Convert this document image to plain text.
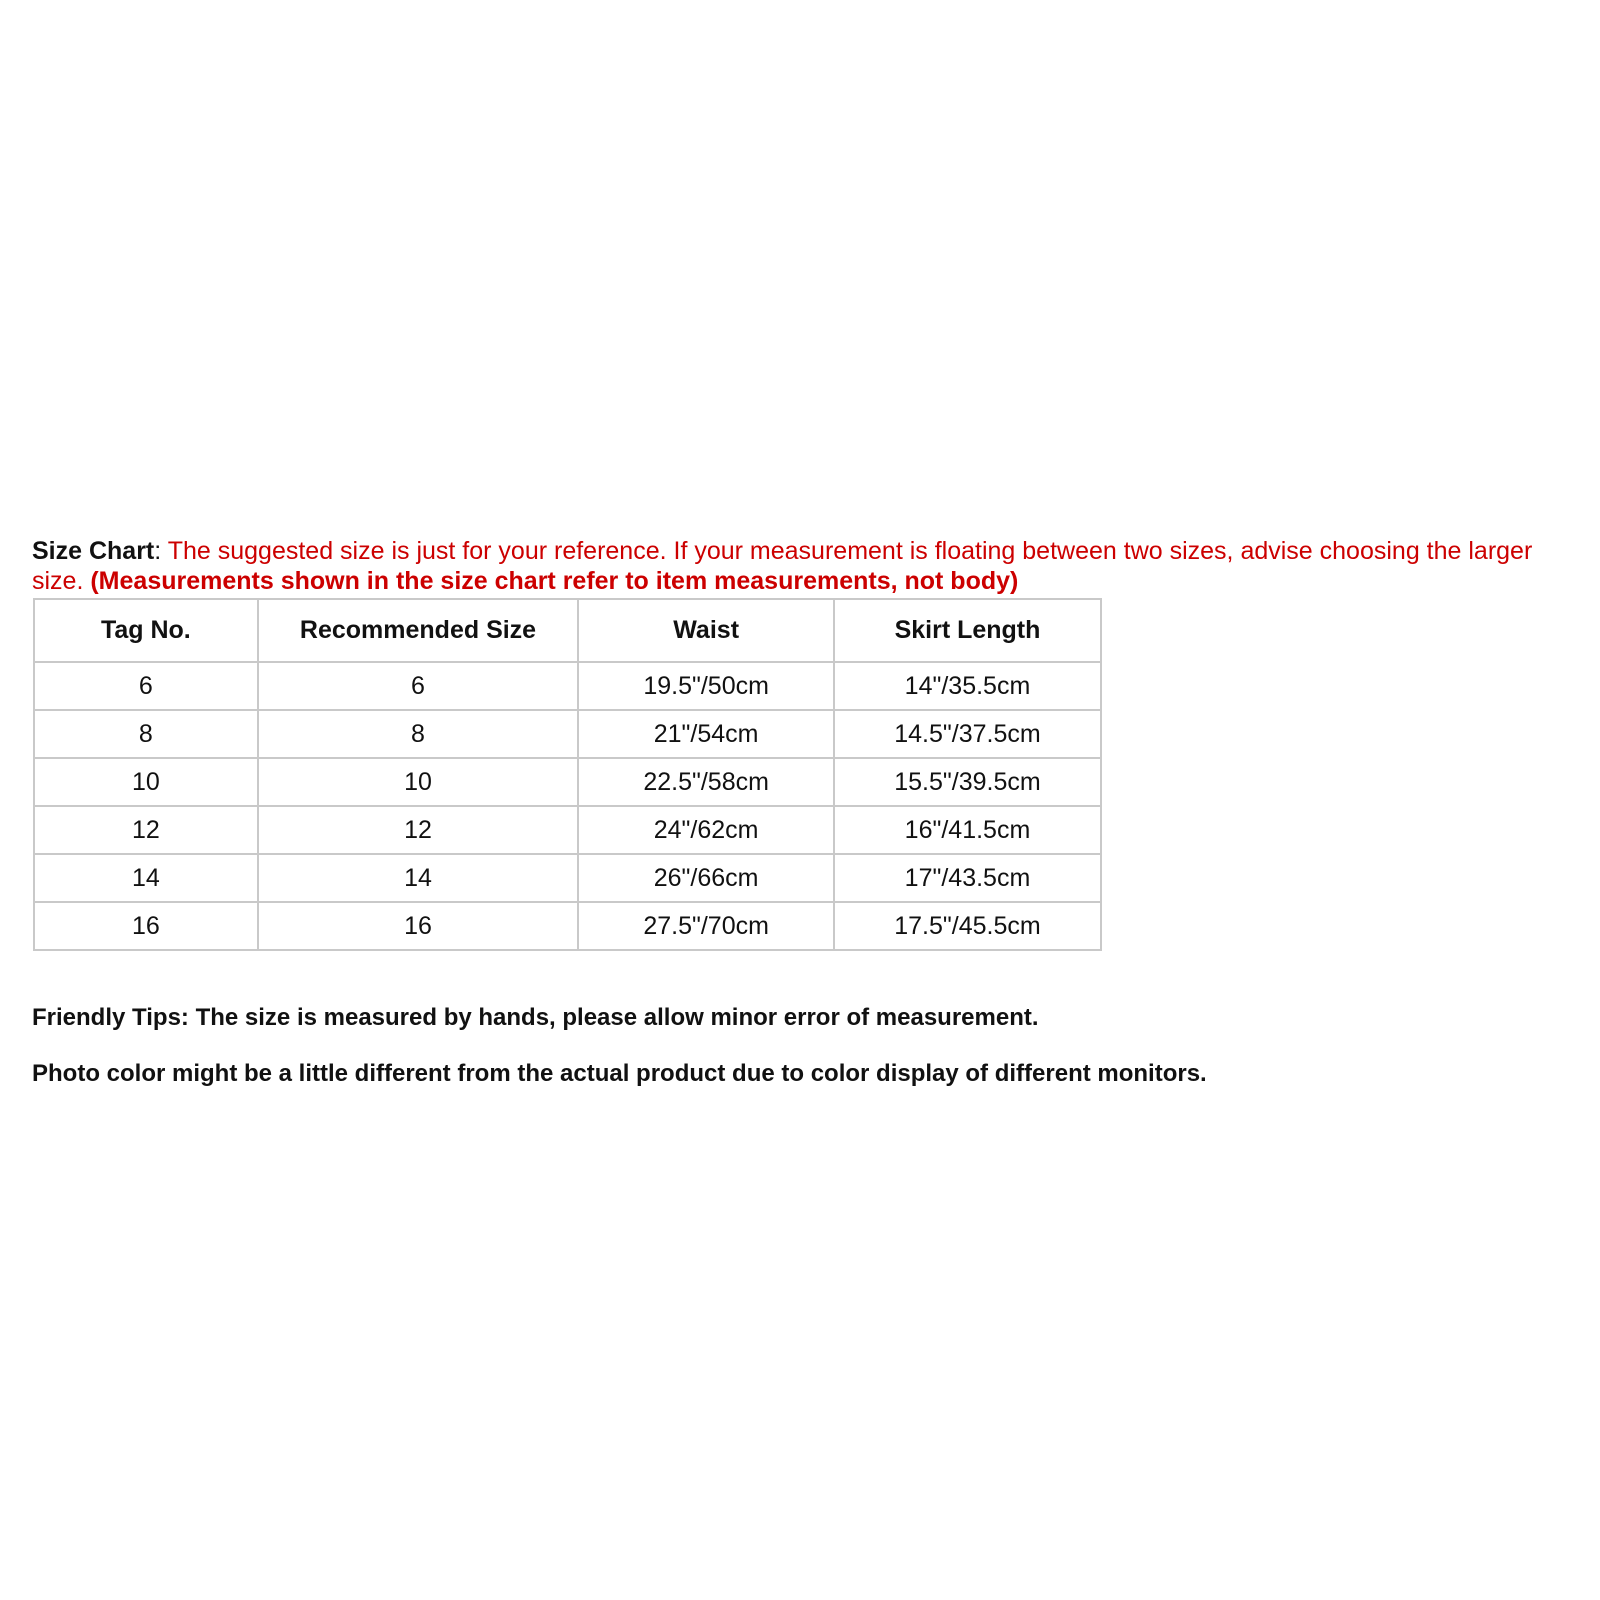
Size Chart: The suggested size is just for your reference. If your measurement is floating between two sizes, advise choosing the larger size. (Measurements shown in the size chart refer to item measurements, not body)
Tag No.	Recommended Size	Waist	Skirt Length
6	6	19.5"/50cm	14"/35.5cm
8	8	21"/54cm	14.5"/37.5cm
10	10	22.5"/58cm	15.5"/39.5cm
12	12	24"/62cm	16"/41.5cm
14	14	26"/66cm	17"/43.5cm
16	16	27.5"/70cm	17.5"/45.5cm
Friendly Tips: The size is measured by hands, please allow minor error of measurement.
Photo color might be a little different from the actual product due to color display of different monitors.
